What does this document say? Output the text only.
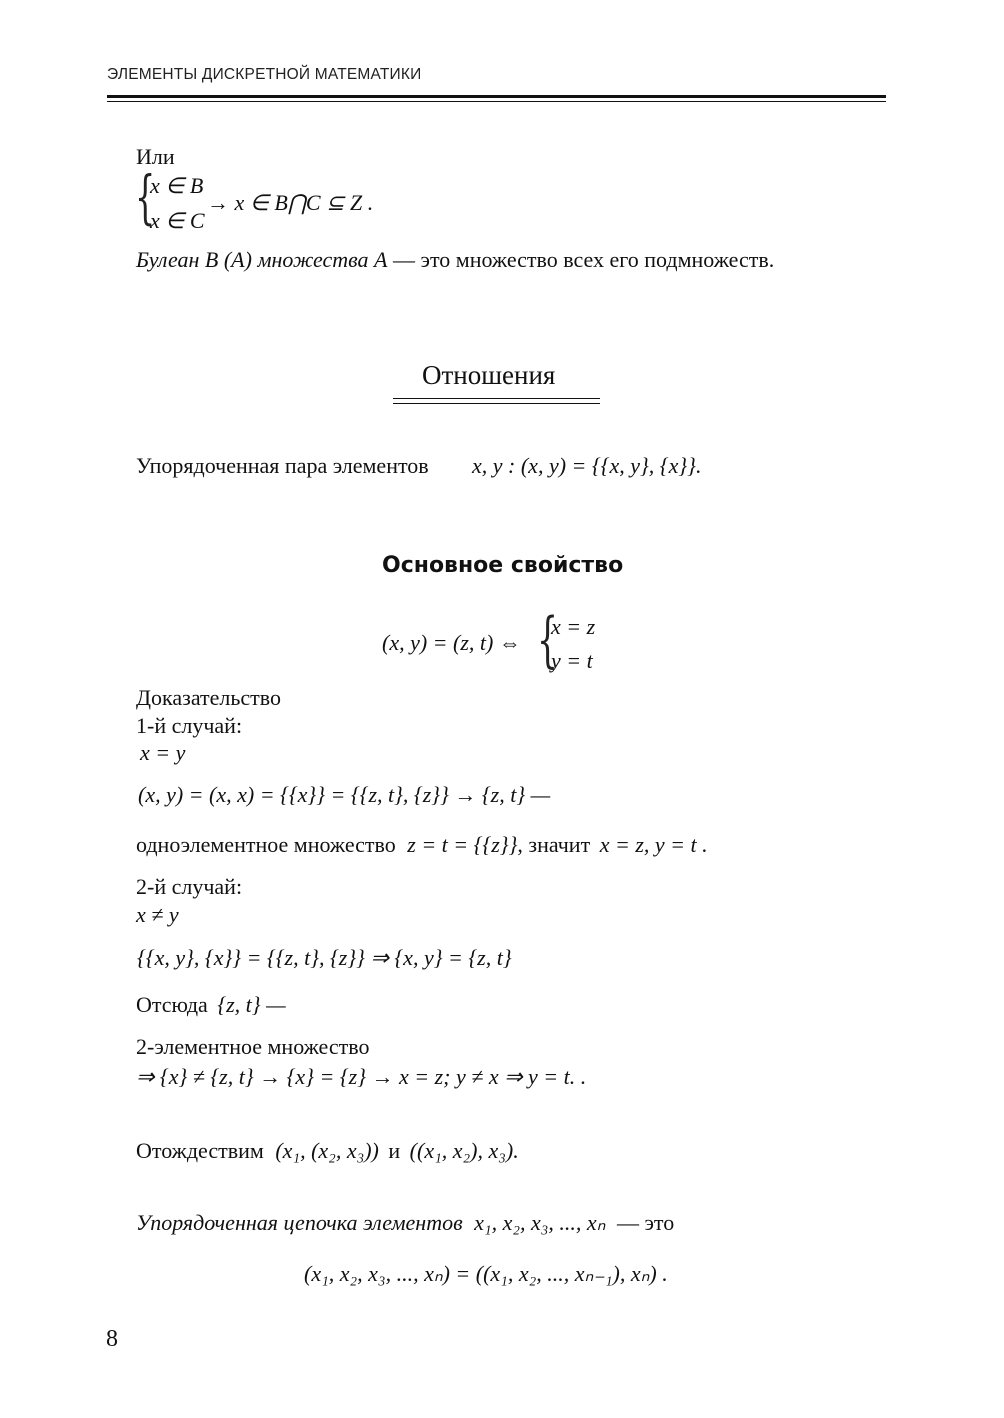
ЭЛЕМЕНТЫ ДИСКРЕТНОЙ МАТЕМАТИКИ
Или
{
x ∈ B
x ∈ C
→ x ∈ B⋂C ⊆ Z .
Булеан B (A) множества A — это множество всех его подмножеств.
Отношения
Упорядоченная пара элементов x, y : (x, y) = {{x, y}, {x}}.
Основное свойство
(x, y) = (z, t) ⇔ {
x = z
y = t
Доказательство
1-й случай:
x = y
(x, y) = (x, x) = {{x}} = {{z, t}, {z}} → {z, t} —
одноэлементное множество z = t = {{z}}, значит x = z, y = t .
2-й случай:
x ≠ y
{{x, y}, {x}} = {{z, t}, {z}} ⇒ {x, y} = {z, t}
Отсюда {z, t} —
2-элементное множество
⇒ {x} ≠ {z, t} → {x} = {z} → x = z; y ≠ x ⇒ y = t. .
Отождествим (x₁, (x₂, x₃)) и ((x₁, x₂), x₃).
Упорядоченная цепочка элементов x₁, x₂, x₃, ..., xₙ — это
(x₁, x₂, x₃, ..., xₙ) = ((x₁, x₂, ..., xₙ₋₁), xₙ) .
8
